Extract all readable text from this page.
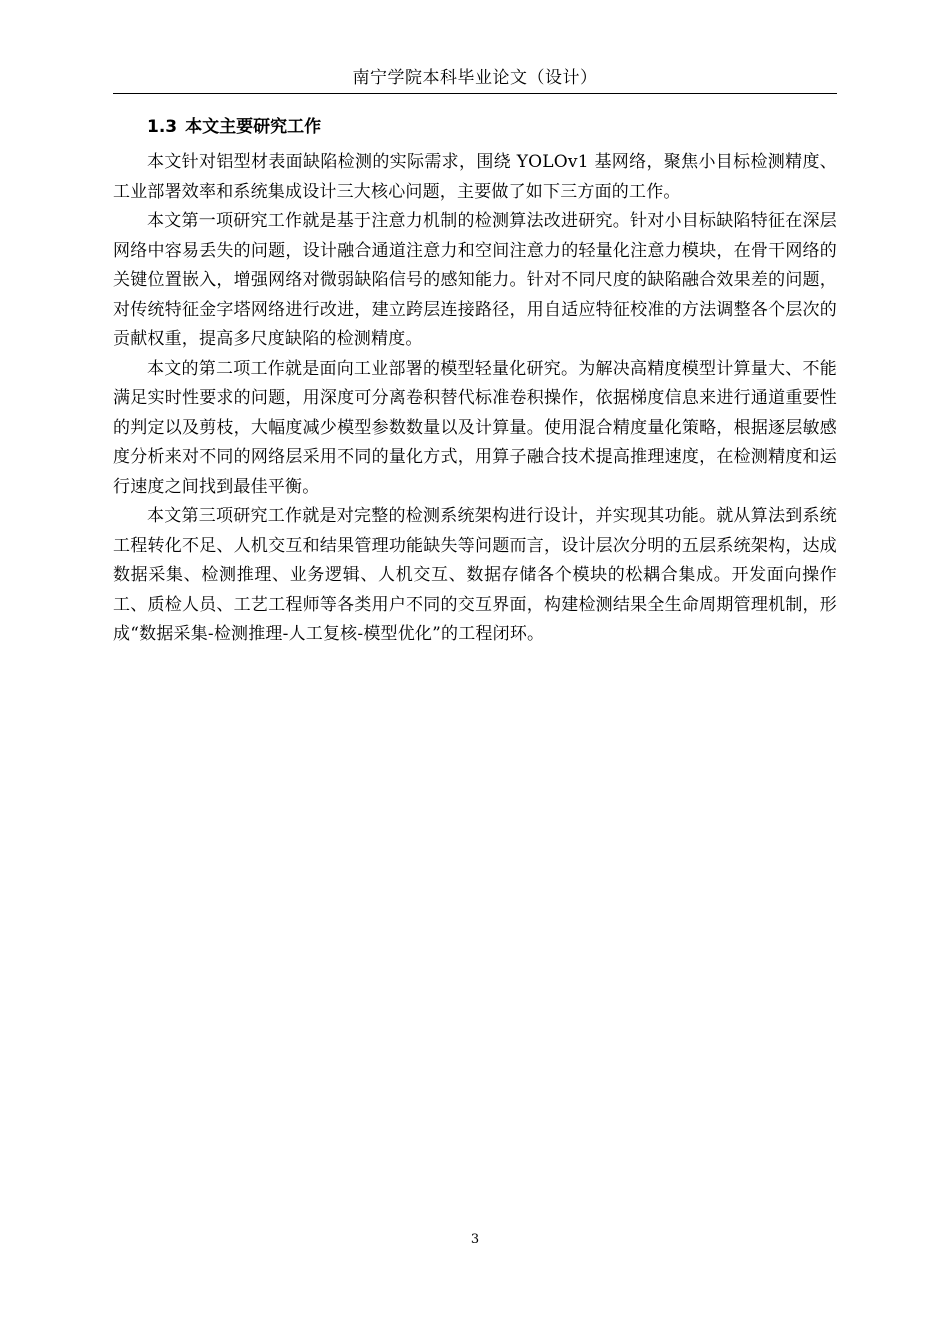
南宁学院本科毕业论文（设计）
1.3 本文主要研究工作

本文针对铝型材表面缺陷检测的实际需求，围绕 YOLOv1 基网络，聚焦小目标检测精度、工业部署效率和系统集成设计三大核心问题，主要做了如下三方面的工作。

本文第一项研究工作就是基于注意力机制的检测算法改进研究。针对小目标缺陷特征在深层网络中容易丢失的问题，设计融合通道注意力和空间注意力的轻量化注意力模块，在骨干网络的关键位置嵌入，增强网络对微弱缺陷信号的感知能力。针对不同尺度的缺陷融合效果差的问题，对传统特征金字塔网络进行改进，建立跨层连接路径，用自适应特征校准的方法调整各个层次的贡献权重，提高多尺度缺陷的检测精度。

本文的第二项工作就是面向工业部署的模型轻量化研究。为解决高精度模型计算量大、不能满足实时性要求的问题，用深度可分离卷积替代标准卷积操作，依据梯度信息来进行通道重要性的判定以及剪枝，大幅度减少模型参数数量以及计算量。使用混合精度量化策略，根据逐层敏感度分析来对不同的网络层采用不同的量化方式，用算子融合技术提高推理速度，在检测精度和运行速度之间找到最佳平衡。

本文第三项研究工作就是对完整的检测系统架构进行设计，并实现其功能。就从算法到系统工程转化不足、人机交互和结果管理功能缺失等问题而言，设计层次分明的五层系统架构，达成数据采集、检测推理、业务逻辑、人机交互、数据存储各个模块的松耦合集成。开发面向操作工、质检人员、工艺工程师等各类用户不同的交互界面，构建检测结果全生命周期管理机制，形成“数据采集-检测推理-人工复核-模型优化”的工程闭环。

3
